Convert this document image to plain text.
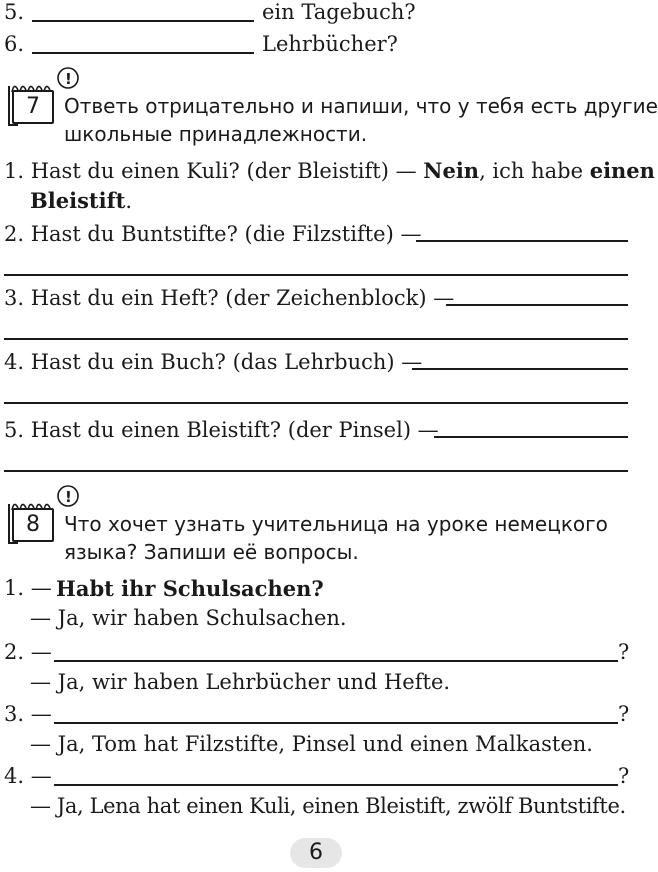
5.	ein Tagebuch?
6.	Lehrbücher?
!
7	Ответь отрицательно и напиши, что у тебя есть другие
школьные принадлежности.
1. Hast du einen Kuli? (der Bleistift) — Nein, ich habe einen
Bleistift.
2. Hast du Buntstifte? (die Filzstifte) —
3. Hast du ein Heft? (der Zeichenblock) —
4. Hast du ein Buch? (das Lehrbuch) —
5. Hast du einen Bleistift? (der Pinsel) —
!
8	Что хочет узнать учительница на уроке немецкого
языка? Запиши её вопросы.
1. — Habt ihr Schulsachen?
— Ja, wir haben Schulsachen.
2. —	?
— Ja, wir haben Lehrbücher und Hefte.
3. —	?
— Ja, Tom hat Filzstifte, Pinsel und einen Malkasten.
4. —	?
— Ja, Lena hat einen Kuli, einen Bleistift, zwölf Buntstifte.
6
